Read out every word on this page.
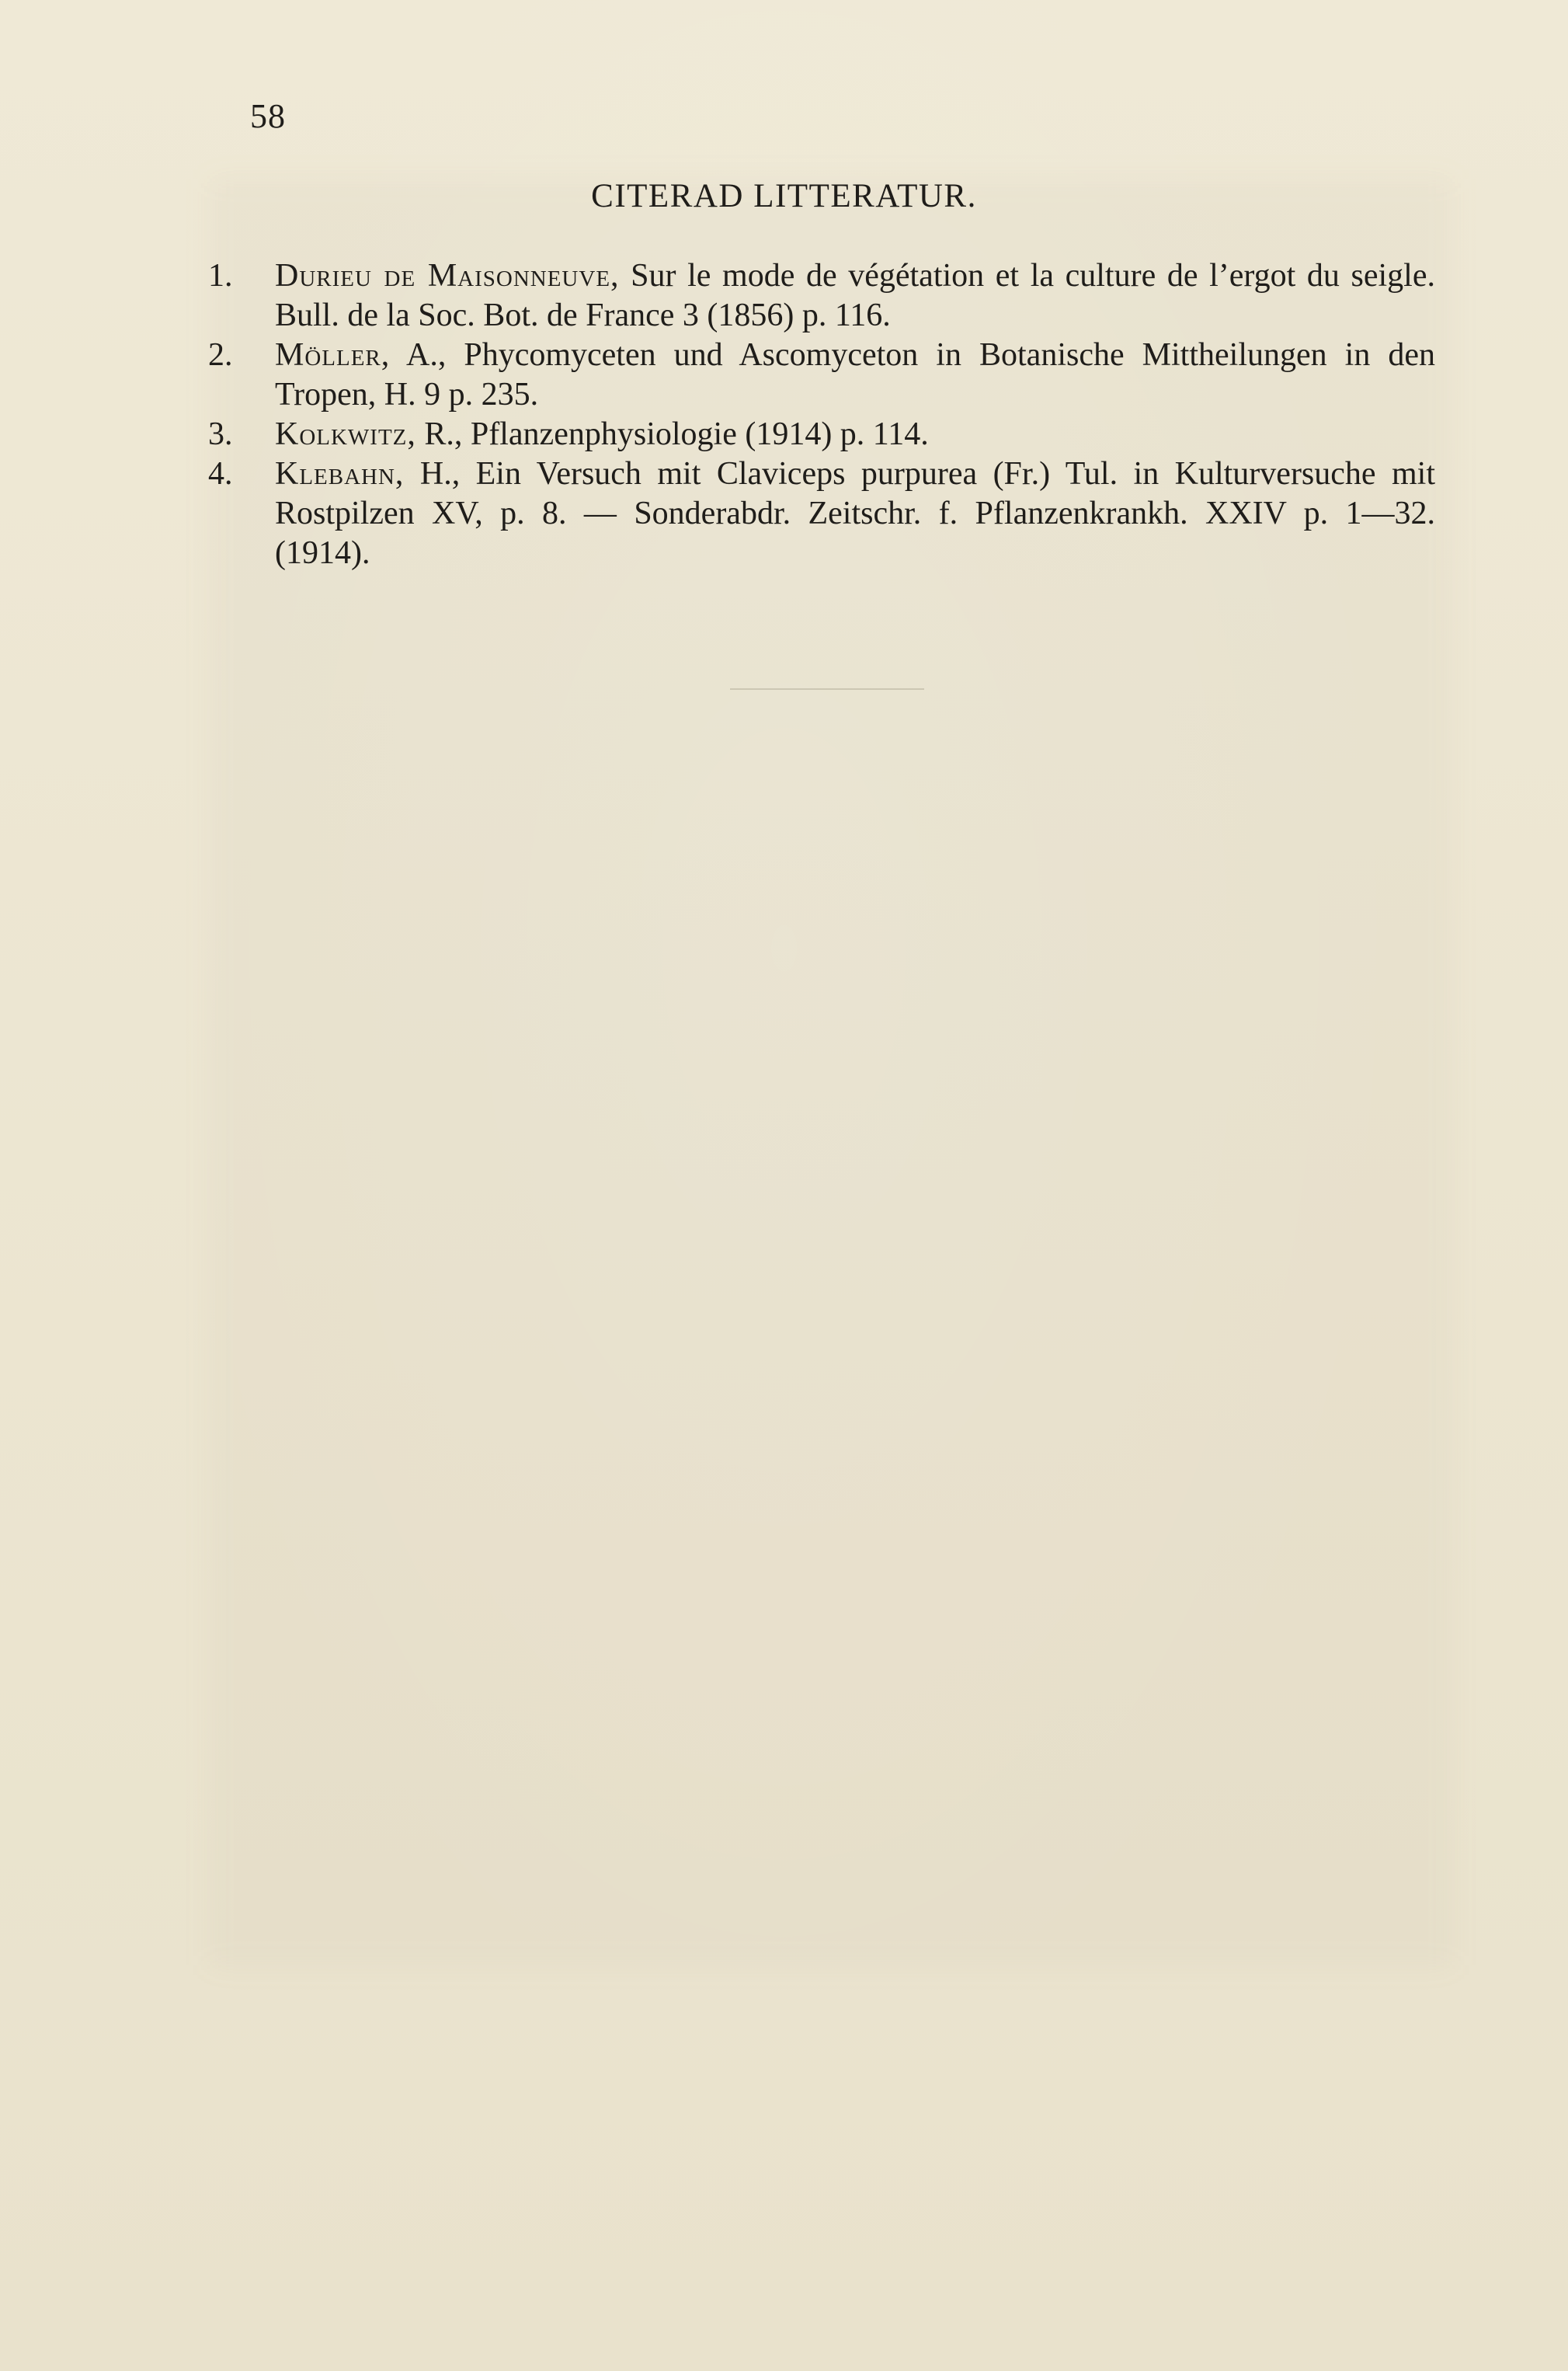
58
CITERAD LITTERATUR.
1. Durieu de Maisonneuve, Sur le mode de végétation et la culture de l’ergot du seigle. Bull. de la Soc. Bot. de France 3 (1856) p. 116.
2. Möller, A., Phycomyceten und Ascomyceton in Botanische Mittheilungen in den Tropen, H. 9 p. 235.
3. Kolkwitz, R., Pflanzenphysiologie (1914) p. 114.
4. Klebahn, H., Ein Versuch mit Claviceps purpurea (Fr.) Tul. in Kulturversuche mit Rostpilzen XV, p. 8. — Sonderabdr. Zeitschr. f. Pflanzenkrankh. XXIV p. 1—32. (1914).
